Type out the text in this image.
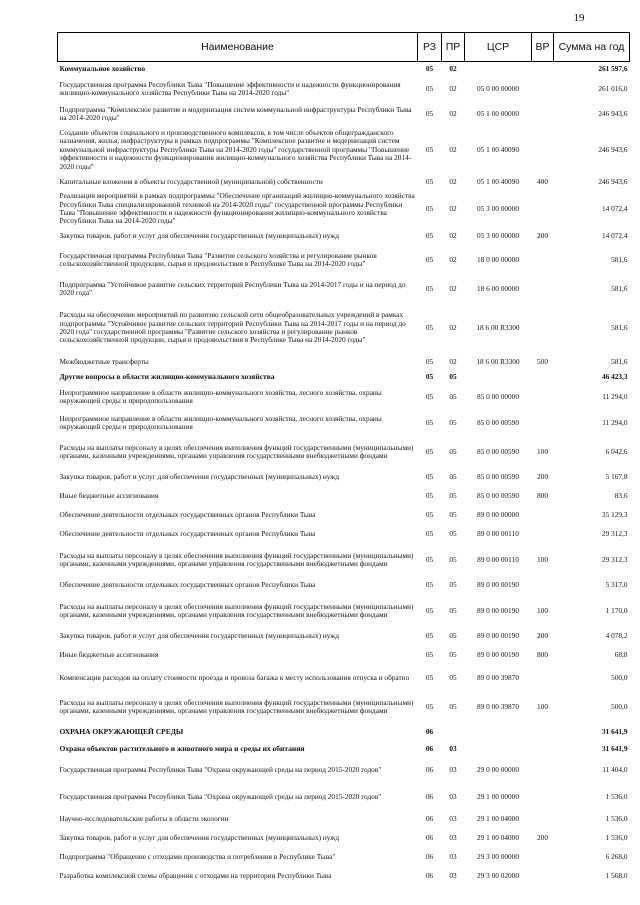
19
Наименование	РЗ	ПР	ЦСР	ВР	Сумма на год
Коммунальное хозяйство	05	02			261 597,6
Государственная программа Республики Тыва "Повышение эффективности и надежности функционирования жилищно-коммунального хозяйства Республики Тыва на 2014-2020 годы"	05	02	05 0 00 00000		261 016,0
Подпрограмма "Комплексное развитие и модернизация систем коммунальной инфраструктуры Республики Тыва на 2014-2020 годы"	05	02	05 1 00 00000		246 943,6
Создание объектов социального и производственного комплексов, в том числе объектов общегражданского назначения, жилья, инфраструктуры в рамках подпрограммы "Комплексное развитие и модернизация систем коммунальной инфраструктуры Республики Тыва на 2014-2020 годы" государственной программы "Повышение эффективности и надежности функционирования жилищно-коммунального хозяйства Республики Тыва на 2014-2020 годы"	05	02	05 1 00 40090		246 943,6
Капитальные вложения в объекты государственной (муниципальной) собственности	05	02	05 1 00 40090	400	246 943,6
Реализация мероприятий в рамках подпрограммы "Обеспечение организаций жилищно-коммунального хозяйства Республики Тыва специализированной техникой на 2014-2020 годы" государственной программы Республики Тыва "Повышение эффективности и надежности функционирования жилищно-коммунального хозяйства Республики Тыва на 2014-2020 годы"	05	02	05 3 00 00000		14 072,4
Закупка товаров, работ и услуг для обеспечения государственных (муниципальных) нужд	05	02	05 3 00 00000	200	14 072,4
Государственная программа Республики Тыва "Развитие сельского хозяйства и регулирование рынков сельскохозяйственной продукции, сырья и продовольствия в Республике Тыва на 2014-2020 годы"	05	02	18 0 00 00000		581,6
Подпрограмма "Устойчивое развитие сельских территорий Республики Тыва на 2014-2017 годы и на период до 2020 года"	05	02	18 6 00 00000		581,6
Расходы на обеспечение мероприятий по развитию сельской сети общеобразовательных учреждений в рамках подпрограммы "Устойчивое развитие сельских территорий Республики Тыва на 2014-2017 годы и на период до 2020 года" государственной программы "Развитие сельского хозяйства и регулирование рынков сельскохозяйственной продукции, сырья и продовольствия в Республике Тыва на 2014-2020 годы"	05	02	18 6 00 R3300		581,6
Межбюджетные трансферты	05	02	18 6 00 R3300	500	581,6
Другие вопросы в области жилищно-коммунального хозяйства	05	05			46 423,3
Непрограммное направление в области жилищно-коммунального хозяйства, лесного хозяйства, охраны окружающей среды и природопользования	05	05	85 0 00 00000		11 294,0
Непрограммное направление в области жилищно-коммунального хозяйства, лесного хозяйства, охраны окружающей среды и природопользования	05	05	85 0 00 00590		11 294,0
Расходы на выплаты персоналу в целях обеспечения выполнения функций государственными (муниципальными) органами, казенными учреждениями, органами управления государственными внебюджетными фондами	05	05	85 0 00 00590	100	6 042,6
Закупка товаров, работ и услуг для обеспечения государственных (муниципальных) нужд	05	05	85 0 00 00590	200	5 167,8
Иные бюджетные ассигнования	05	05	85 0 00 00590	800	83,6
Обеспечение деятельности отдельных государственных органов Республики Тыва	05	05	89 0 00 00000		35 129,3
Обеспечение деятельности отдельных государственных органов Республики Тыва	05	05	89 0 00 00110		29 312,3
Расходы на выплаты персоналу в целях обеспечения выполнения функций государственными (муниципальными) органами, казенными учреждениями, органами управления государственными внебюджетными фондами	05	05	89 0 00 00110	100	29 312,3
Обеспечение деятельности отдельных государственных органов Республики Тыва	05	05	89 0 00 00190		5 317,0
Расходы на выплаты персоналу в целях обеспечения выполнения функций государственными (муниципальными) органами, казенными учреждениями, органами управления государственными внебюджетными фондами	05	05	89 0 00 00190	100	1 170,0
Закупка товаров, работ и услуг для обеспечения государственных (муниципальных) нужд	05	05	89 0 00 00190	200	4 078,2
Иные бюджетные ассигнования	05	05	89 0 00 00190	800	68,8
Компенсация расходов на оплату стоимости проезда и провоза багажа к месту использования отпуска и обратно	05	05	89 0 00 39870		500,0
Расходы на выплаты персоналу в целях обеспечения выполнения функций государственными (муниципальными) органами, казенными учреждениями, органами управления государственными внебюджетными фондами	05	05	89 0 00 39870	100	500,0
ОХРАНА ОКРУЖАЮЩЕЙ СРЕДЫ	06				31 641,9
Охрана объектов растительного и животного мира и среды их обитания	06	03			31 641,9
Государственная программа Республики Тыва "Охрана окружающей среды на период 2015-2020 годов"	06	03	29 0 00 00000		11 404,0
Государственная программа Республики Тыва "Охрана окружающей среды на период 2015-2020 годов"	06	03	29 1 00 00000		1 536,0
Научно-исследовательские работы в области экологии	06	03	29 1 00 04000		1 536,0
Закупка товаров, работ и услуг для обеспечения государственных (муниципальных) нужд	06	03	29 1 00 04000	200	1 536,0
Подпрограмма "Обращение с отходами производства и потребления в Республике Тыва"	06	03	29 3 00 00000		6 268,0
Разработка комплексной схемы обращения с отходами на территории Республики Тыва	06	03	29 3 00 02000		1 568,0
